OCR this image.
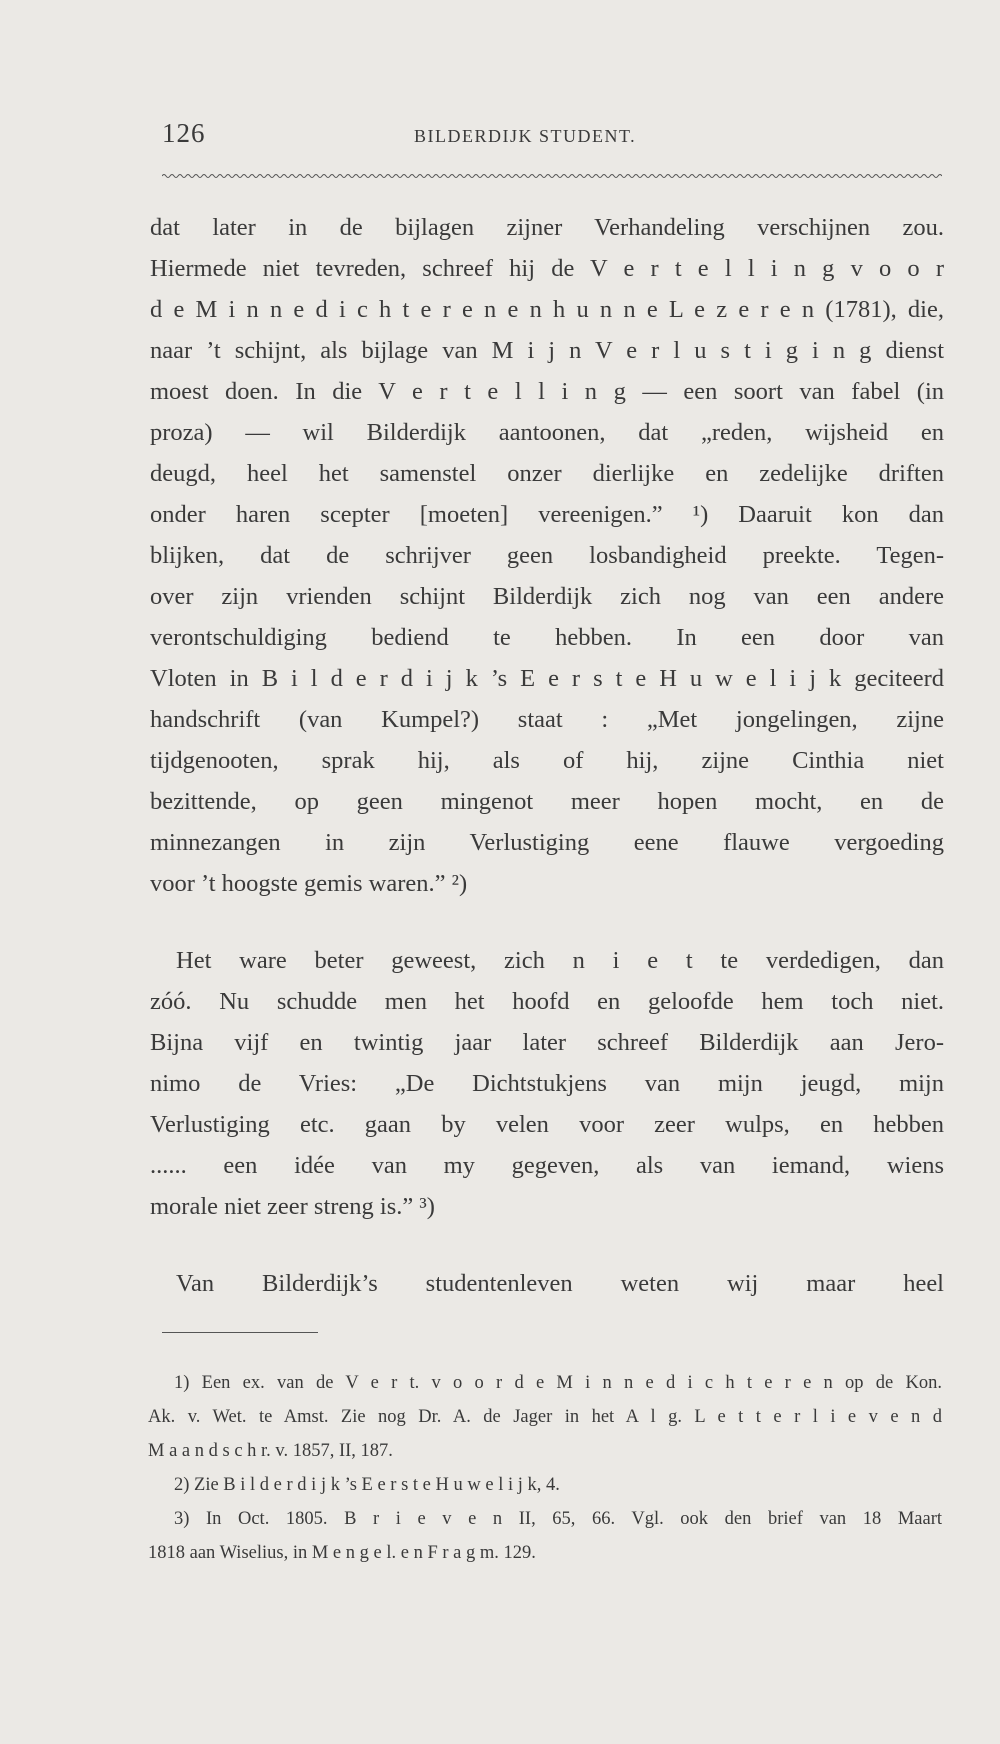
126	BILDERDIJK STUDENT.
dat later in de bijlagen zijner Verhandeling verschijnen zou.
Hiermede niet tevreden, schreef hij de V e r t e l l i n g v o o r
d e M i n n e d i c h t e r e n e n h u n n e L e z e r e n (1781), die,
naar ’t schijnt, als bijlage van M i j n V e r l u s t i g i n g dienst
moest doen. In die V e r t e l l i n g — een soort van fabel (in
proza) — wil Bilderdijk aantoonen, dat „reden, wijsheid en
deugd, heel het samenstel onzer dierlijke en zedelijke driften
onder haren scepter [moeten] vereenigen.” ¹) Daaruit kon dan
blijken, dat de schrijver geen losbandigheid preekte. Tegen-
over zijn vrienden schijnt Bilderdijk zich nog van een andere
verontschuldiging bediend te hebben. In een door van
Vloten in B i l d e r d i j k ’s E e r s t e H u w e l i j k geciteerd
handschrift (van Kumpel?) staat : „Met jongelingen, zijne
tijdgenooten, sprak hij, als of hij, zijne Cinthia niet
bezittende, op geen mingenot meer hopen mocht, en de
minnezangen in zijn Verlustiging eene flauwe vergoeding
voor ’t hoogste gemis waren.” ²)
Het ware beter geweest, zich n i e t te verdedigen, dan
zóó. Nu schudde men het hoofd en geloofde hem toch niet.
Bijna vijf en twintig jaar later schreef Bilderdijk aan Jero-
nimo de Vries: „De Dichtstukjens van mijn jeugd, mijn
Verlustiging etc. gaan by velen voor zeer wulps, en hebben
...... een idée van my gegeven, als van iemand, wiens
morale niet zeer streng is.” ³)
Van Bilderdijk’s studentenleven weten wij maar heel
1) Een ex. van de V e r t. v o o r d e M i n n e d i c h t e r e n op de Kon.
Ak. v. Wet. te Amst. Zie nog Dr. A. de Jager in het A l g. L e t t e r l i e v e n d
M a a n d s c h r. v. 1857, II, 187.
2) Zie B i l d e r d i j k ’s E e r s t e H u w e l i j k, 4.
3) In Oct. 1805. B r i e v e n II, 65, 66. Vgl. ook den brief van 18 Maart
1818 aan Wiselius, in M e n g e l. e n F r a g m. 129.
